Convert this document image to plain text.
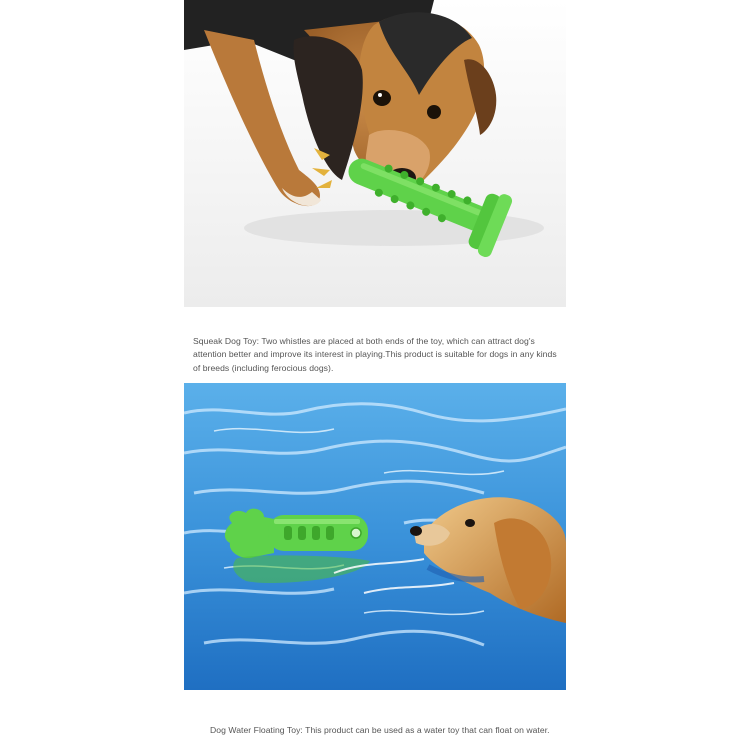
Squeak Dog Toy: Two whistles are placed at both ends of the toy, which can attract dog's attention better and improve its interest in playing.This product is suitable for dogs in any kinds of breeds (including ferocious dogs).

Dog Water Floating Toy: This product can be used as a water toy that can float on water.
